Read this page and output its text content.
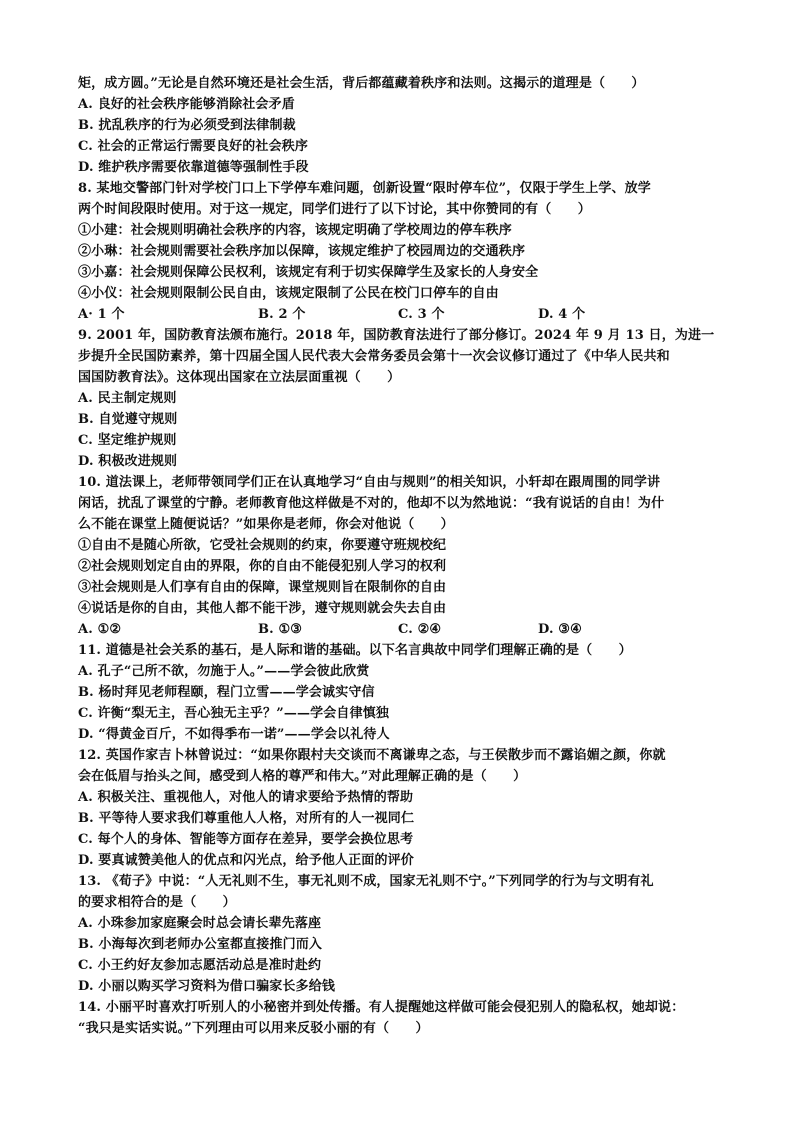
矩，成方圆。”无论是自然环境还是社会生活，背后都蕴藏着秩序和法则。这揭示的道理是（　　）
A. 良好的社会秩序能够消除社会矛盾
B. 扰乱秩序的行为必须受到法律制裁
C. 社会的正常运行需要良好的社会秩序
D. 维护秩序需要依靠道德等强制性手段
8. 某地交警部门针对学校门口上下学停车难问题，创新设置“限时停车位”，仅限于学生上学、放学
两个时间段限时使用。对于这一规定，同学们进行了以下讨论，其中你赞同的有（　　）
①小建：社会规则明确社会秩序的内容，该规定明确了学校周边的停车秩序
②小琳：社会规则需要社会秩序加以保障，该规定维护了校园周边的交通秩序
③小嘉：社会规则保障公民权利，该规定有利于切实保障学生及家长的人身安全
④小仪：社会规则限制公民自由，该规定限制了公民在校门口停车的自由
A· 1 个	B. 2 个	C. 3 个	D. 4 个
9. 2001 年，国防教育法颁布施行。2018 年，国防教育法进行了部分修订。2024 年 9 月 13 日，为进一
步提升全民国防素养，第十四届全国人民代表大会常务委员会第十一次会议修订通过了《中华人民共和
国国防教育法》。这体现出国家在立法层面重视（　　）
A. 民主制定规则
B. 自觉遵守规则
C. 坚定维护规则
D. 积极改进规则
10. 道法课上，老师带领同学们正在认真地学习“自由与规则”的相关知识，小轩却在跟周围的同学讲
闲话，扰乱了课堂的宁静。老师教育他这样做是不对的，他却不以为然地说：“我有说话的自由！为什
么不能在课堂上随便说话？”如果你是老师，你会对他说（　　）
①自由不是随心所欲，它受社会规则的约束，你要遵守班规校纪
②社会规则划定自由的界限，你的自由不能侵犯别人学习的权利
③社会规则是人们享有自由的保障，课堂规则旨在限制你的自由
④说话是你的自由，其他人都不能干涉，遵守规则就会失去自由
A. ①②	B. ①③	C. ②④	D. ③④
11. 道德是社会关系的基石，是人际和谐的基础。以下名言典故中同学们理解正确的是（　　）
A. 孔子“己所不欲，勿施于人。”——学会彼此欣赏
B. 杨时拜见老师程颐，程门立雪——学会诚实守信
C. 许衡“梨无主，吾心独无主乎？”——学会自律慎独
D. “得黄金百斤，不如得季布一诺”——学会以礼待人
12. 英国作家吉卜林曾说过：“如果你跟村夫交谈而不离谦卑之态，与王侯散步而不露谄媚之颜，你就
会在低眉与抬头之间，感受到人格的尊严和伟大。”对此理解正确的是（　　）
A. 积极关注、重视他人，对他人的请求要给予热情的帮助
B. 平等待人要求我们尊重他人人格，对所有的人一视同仁
C. 每个人的身体、智能等方面存在差异，要学会换位思考
D. 要真诚赞美他人的优点和闪光点，给予他人正面的评价
13. 《荀子》中说：“人无礼则不生，事无礼则不成，国家无礼则不宁。”下列同学的行为与文明有礼
的要求相符合的是（　　）
A. 小珠参加家庭聚会时总会请长辈先落座
B. 小海每次到老师办公室都直接推门而入
C. 小王约好友参加志愿活动总是准时赴约
D. 小丽以购买学习资料为借口骗家长多给钱
14. 小丽平时喜欢打听别人的小秘密并到处传播。有人提醒她这样做可能会侵犯别人的隐私权，她却说：
“我只是实话实说。”下列理由可以用来反驳小丽的有（　　）
